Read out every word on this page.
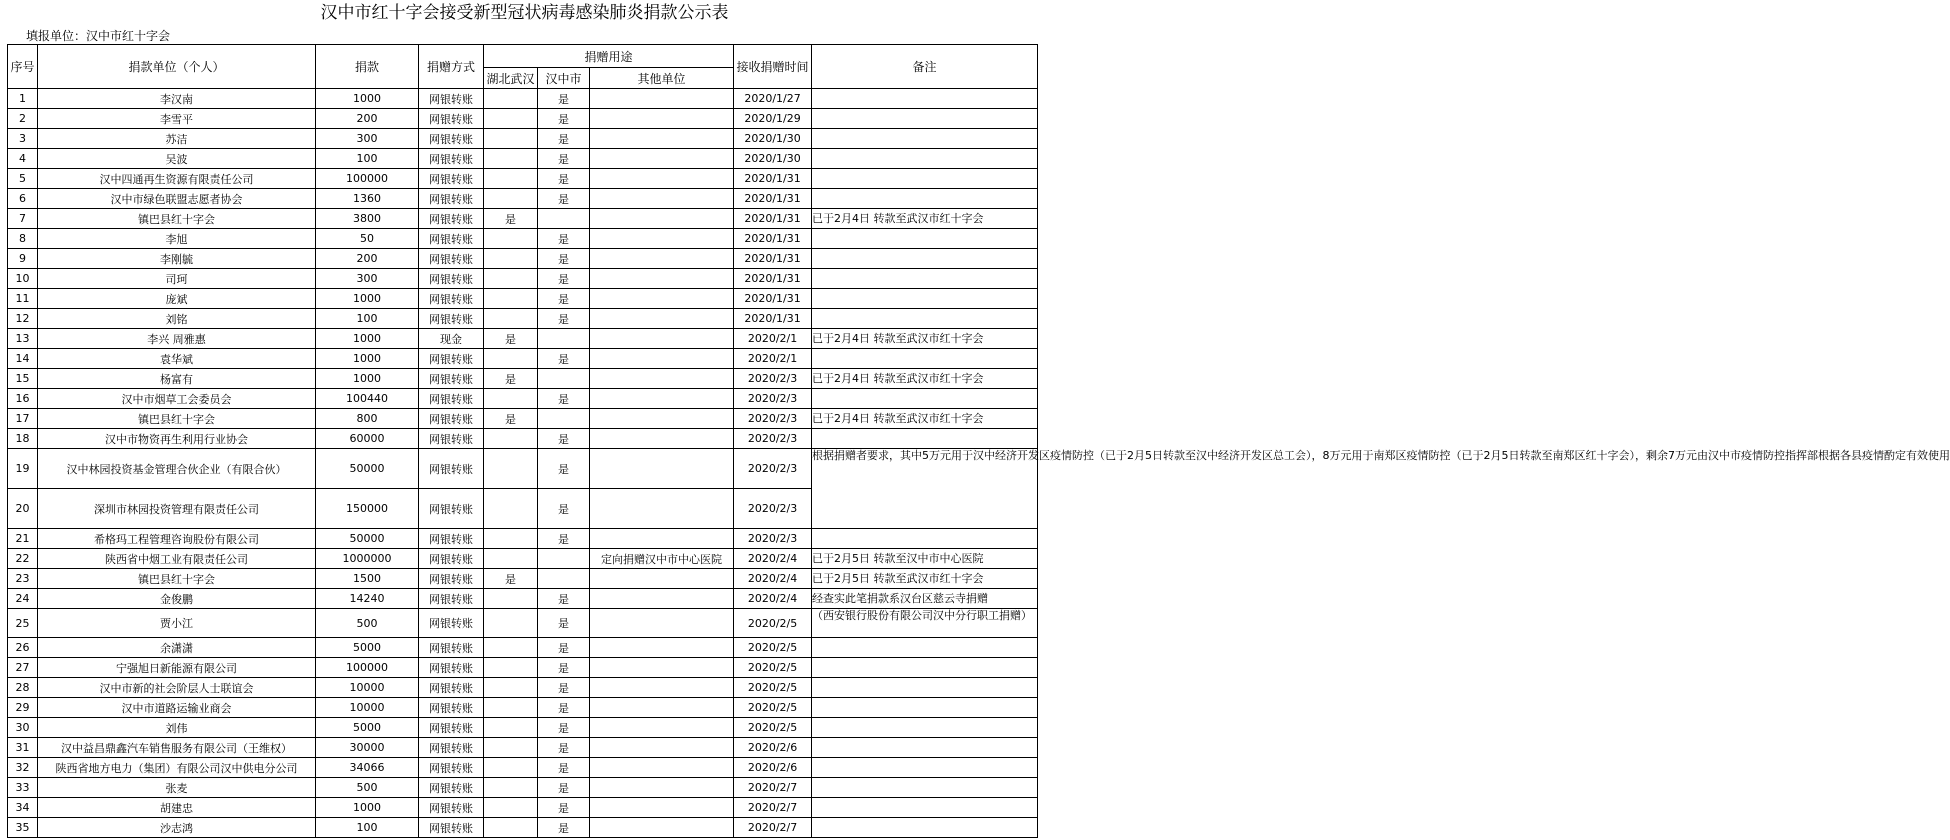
汉中市红十字会接受新型冠状病毒感染肺炎捐款公示表
填报单位：汉中市红十字会
序号	捐款单位（个人）	捐款	捐赠方式	捐赠用途			接收捐赠时间	备注
				湖北武汉	汉中市	其他单位		
1	李汉南	1000	网银转账		是		2020/1/27	
2	李雪平	200	网银转账		是		2020/1/29	
3	苏洁	300	网银转账		是		2020/1/30	
4	吴波	100	网银转账		是		2020/1/30	
5	汉中四通再生资源有限责任公司	100000	网银转账		是		2020/1/31	
6	汉中市绿色联盟志愿者协会	1360	网银转账		是		2020/1/31	
7	镇巴县红十字会	3800	网银转账	是			2020/1/31	已于2月4日 转款至武汉市红十字会
8	李旭	50	网银转账		是		2020/1/31	
9	李刚毓	200	网银转账		是		2020/1/31	
10	司珂	300	网银转账		是		2020/1/31	
11	庞斌	1000	网银转账		是		2020/1/31	
12	刘铭	100	网银转账		是		2020/1/31	
13	李兴 周雅惠	1000	现金	是			2020/2/1	已于2月4日 转款至武汉市红十字会
14	袁华斌	1000	网银转账		是		2020/2/1	
15	杨富有	1000	网银转账	是			2020/2/3	已于2月4日 转款至武汉市红十字会
16	汉中市烟草工会委员会	100440	网银转账		是		2020/2/3	
17	镇巴县红十字会	800	网银转账	是			2020/2/3	已于2月4日 转款至武汉市红十字会
18	汉中市物资再生利用行业协会	60000	网银转账		是		2020/2/3	
19	汉中林园投资基金管理合伙企业（有限合伙）	50000	网银转账		是		2020/2/3	根据捐赠者要求，其中5万元用于汉中经济开发区疫情防控（已于2月5日转款至汉中经济开发区总工会），8万元用于南郑区疫情防控（已于2月5日转款至南郑区红十字会），剩余7万元由汉中市疫情防控指挥部根据各县疫情酌定有效使用
20	深圳市林园投资管理有限责任公司	150000	网银转账		是		2020/2/3	
21	希格玛工程管理咨询股份有限公司	50000	网银转账		是		2020/2/3	
22	陕西省中烟工业有限责任公司	1000000	网银转账			定向捐赠汉中市中心医院	2020/2/4	已于2月5日 转款至汉中市中心医院
23	镇巴县红十字会	1500	网银转账	是			2020/2/4	已于2月5日 转款至武汉市红十字会
24	金俊鹏	14240	网银转账		是		2020/2/4	经查实此笔捐款系汉台区慈云寺捐赠
25	贾小江	500	网银转账		是		2020/2/5	（西安银行股份有限公司汉中分行职工捐赠）
26	余潇潇	5000	网银转账		是		2020/2/5	
27	宁强旭日新能源有限公司	100000	网银转账		是		2020/2/5	
28	汉中市新的社会阶层人士联谊会	10000	网银转账		是		2020/2/5	
29	汉中市道路运输业商会	10000	网银转账		是		2020/2/5	
30	刘伟	5000	网银转账		是		2020/2/5	
31	汉中益昌鼎鑫汽车销售服务有限公司（王维权）	30000	网银转账		是		2020/2/6	
32	陕西省地方电力（集团）有限公司汉中供电分公司	34066	网银转账		是		2020/2/6	
33	张麦	500	网银转账		是		2020/2/7	
34	胡建忠	1000	网银转账		是		2020/2/7	
35	沙志鸿	100	网银转账		是		2020/2/7	
